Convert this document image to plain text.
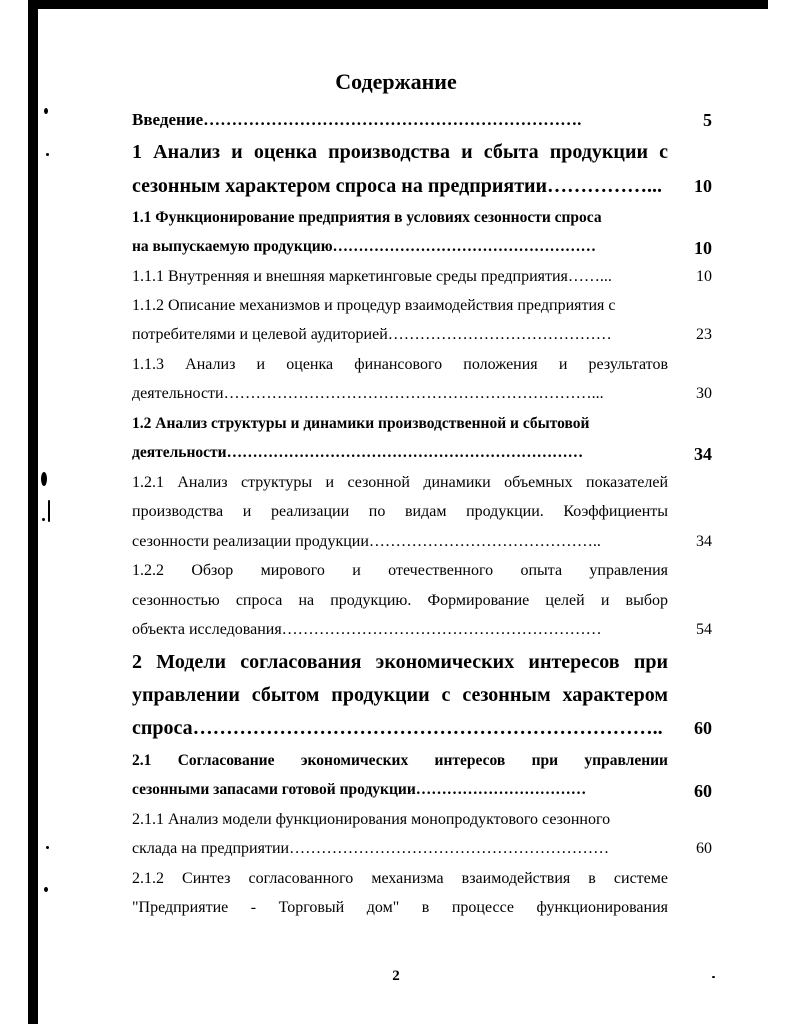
Содержание
Введение………………………………………………………….	5
1 Анализ и оценка производства и сбыта продукции с
сезонным характером спроса на предприятии……………...	10
1.1 Функционирование предприятия в условиях сезонности спроса
на выпускаемую продукцию……………………………………………	10
1.1.1 Внутренняя и внешняя маркетинговые среды предприятия……...	10
1.1.2 Описание механизмов и процедур взаимодействия предприятия с
потребителями и целевой аудиторией……………………………………	23
1.1.3 Анализ и оценка финансового положения и результатов
деятельности……………………………………………………………...	30
1.2 Анализ структуры и динамики производственной и сбытовой
деятельности……………………………………………………………	34
1.2.1 Анализ структуры и сезонной динамики объемных показателей
производства и реализации по видам продукции. Коэффициенты
сезонности реализации продукции……………………………………..	34
1.2.2 Обзор мирового и отечественного опыта управления
сезонностью спроса на продукцию. Формирование целей и выбор
объекта исследования……………………………………………………	54
2 Модели согласования экономических интересов при
управлении сбытом продукции с сезонным характером
спроса…………………………………………………………….. 60
2.1 Согласование экономических интересов при управлении
сезонными запасами готовой продукции……………………………	60
2.1.1 Анализ модели функционирования монопродуктового сезонного
склада на предприятии……………………………………………………	60
2.1.2 Синтез согласованного механизма взаимодействия в системе
"Предприятие - Торговый дом" в процессе функционирования
2
